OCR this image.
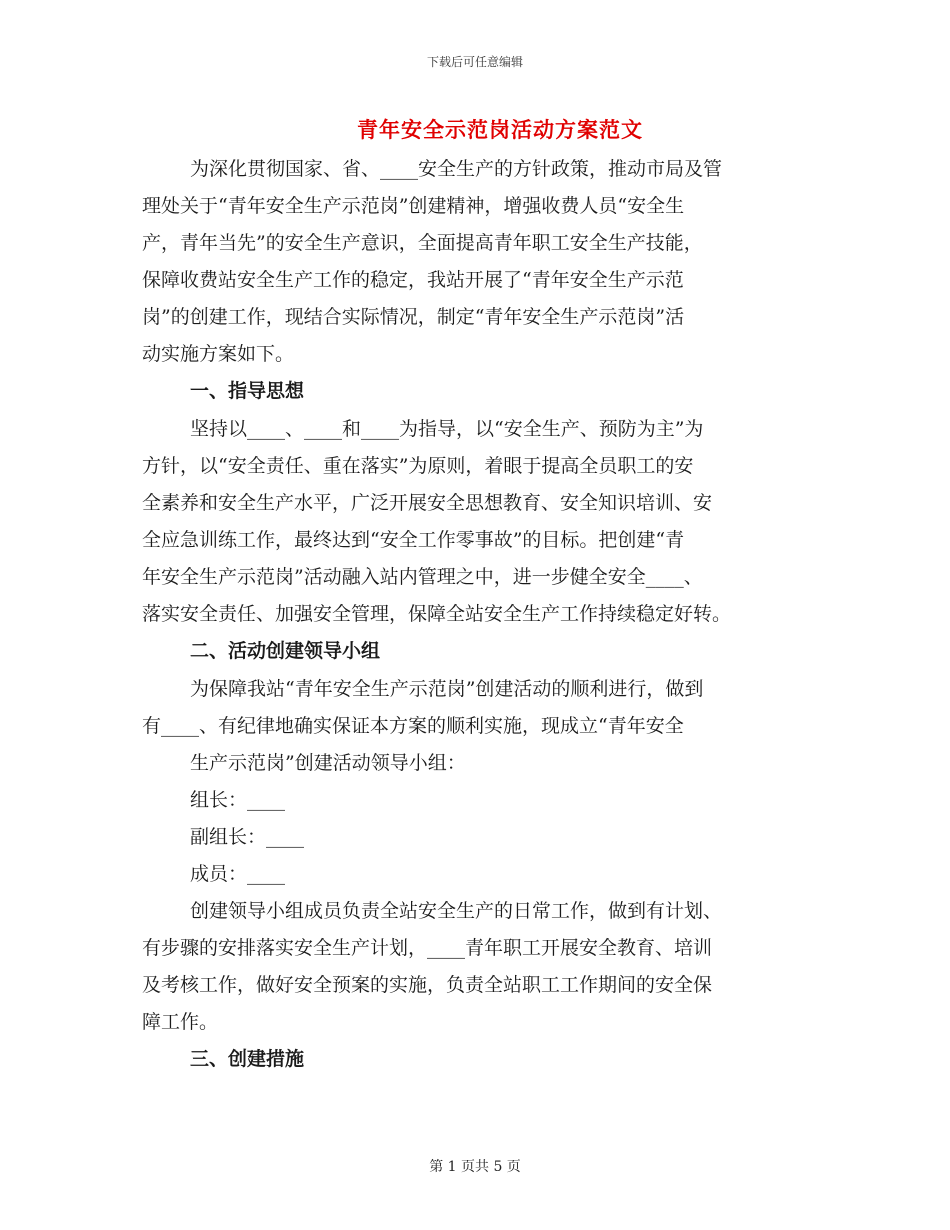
下载后可任意编辑
青年安全示范岗活动方案范文
为深化贯彻国家、省、____安全生产的方针政策，推动市局及管
理处关于“青年安全生产示范岗”创建精神，增强收费人员“安全生
产，青年当先”的安全生产意识，全面提高青年职工安全生产技能，
保障收费站安全生产工作的稳定，我站开展了“青年安全生产示范
岗”的创建工作，现结合实际情况，制定“青年安全生产示范岗”活
动实施方案如下。
一、指导思想
坚持以____、____和____为指导，以“安全生产、预防为主”为
方针，以“安全责任、重在落实”为原则，着眼于提高全员职工的安
全素养和安全生产水平，广泛开展安全思想教育、安全知识培训、安
全应急训练工作，最终达到“安全工作零事故”的目标。把创建“青
年安全生产示范岗”活动融入站内管理之中，进一步健全安全____、
落实安全责任、加强安全管理，保障全站安全生产工作持续稳定好转。
二、活动创建领导小组
为保障我站“青年安全生产示范岗”创建活动的顺利进行，做到
有____、有纪律地确实保证本方案的顺利实施，现成立“青年安全
生产示范岗”创建活动领导小组：
组长：____
副组长：____
成员：____
创建领导小组成员负责全站安全生产的日常工作，做到有计划、
有步骤的安排落实安全生产计划，____青年职工开展安全教育、培训
及考核工作，做好安全预案的实施，负责全站职工工作期间的安全保
障工作。
三、创建措施
第 1 页共 5 页
